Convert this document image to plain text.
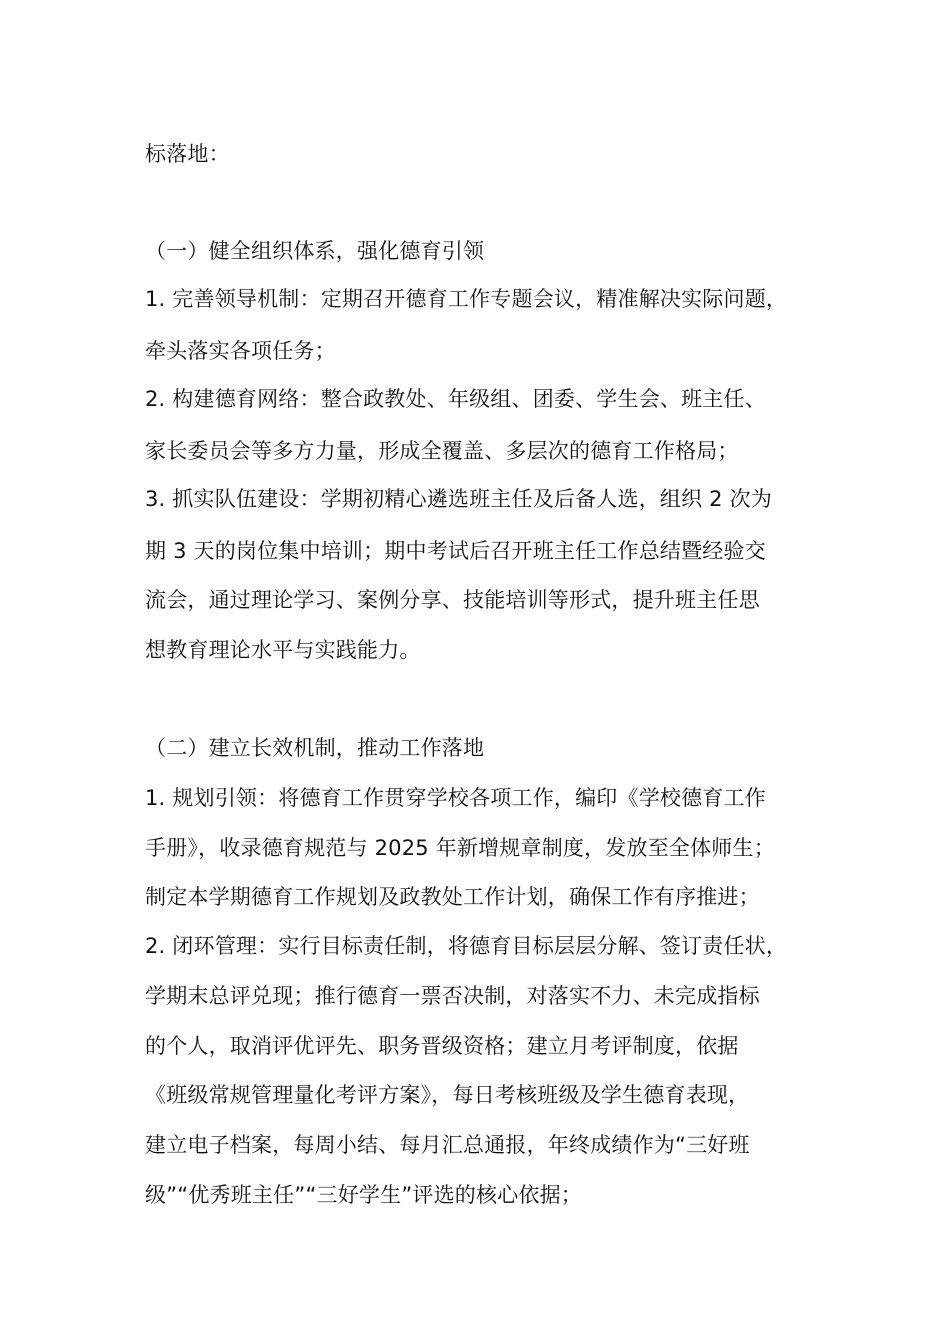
标落地：
（一）健全组织体系，强化德育引领
1. 完善领导机制：定期召开德育工作专题会议，精准解决实际问题，
牵头落实各项任务；
2. 构建德育网络：整合政教处、年级组、团委、学生会、班主任、
家长委员会等多方力量，形成全覆盖、多层次的德育工作格局；
3. 抓实队伍建设：学期初精心遴选班主任及后备人选，组织 2 次为
期 3 天的岗位集中培训；期中考试后召开班主任工作总结暨经验交
流会，通过理论学习、案例分享、技能培训等形式，提升班主任思
想教育理论水平与实践能力。
（二）建立长效机制，推动工作落地
1. 规划引领：将德育工作贯穿学校各项工作，编印《学校德育工作
手册》，收录德育规范与 2025 年新增规章制度，发放至全体师生；
制定本学期德育工作规划及政教处工作计划，确保工作有序推进；
2. 闭环管理：实行目标责任制，将德育目标层层分解、签订责任状，
学期末总评兑现；推行德育一票否决制，对落实不力、未完成指标
的个人，取消评优评先、职务晋级资格；建立月考评制度，依据
《班级常规管理量化考评方案》，每日考核班级及学生德育表现，
建立电子档案，每周小结、每月汇总通报，年终成绩作为“三好班
级”“优秀班主任”“三好学生”评选的核心依据；
